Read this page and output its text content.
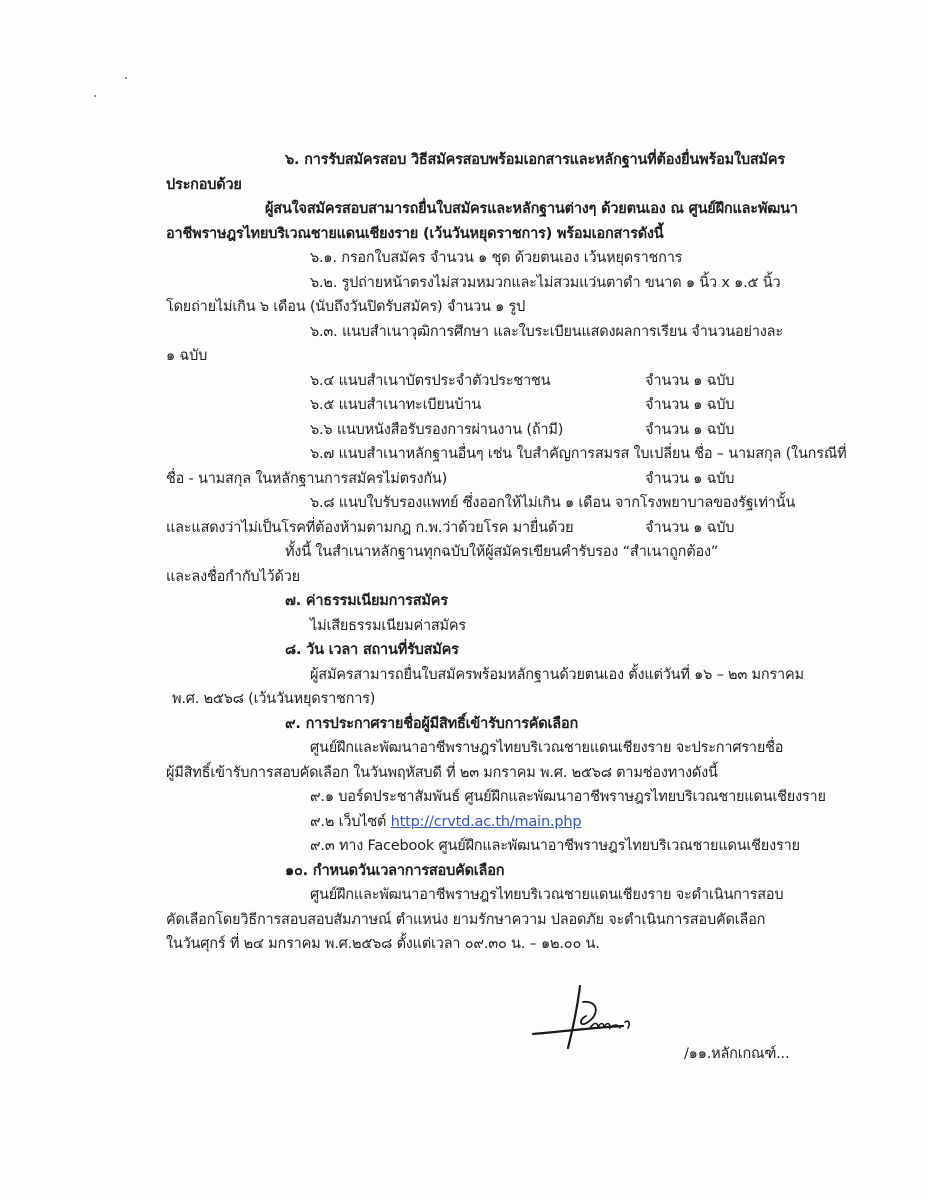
๖. การรับสมัครสอบ วิธีสมัครสอบพร้อมเอกสารและหลักฐานที่ต้องยื่นพร้อมใบสมัคร
ประกอบด้วย
ผู้สนใจสมัครสอบสามารถยื่นใบสมัครและหลักฐานต่างๆ ด้วยตนเอง ณ ศูนย์ฝึกและพัฒนา
อาชีพราษฎรไทยบริเวณชายแดนเชียงราย (เว้นวันหยุดราชการ) พร้อมเอกสารดังนี้
๖.๑. กรอกใบสมัคร จำนวน ๑ ชุด ด้วยตนเอง เว้นหยุดราชการ
๖.๒. รูปถ่ายหน้าตรงไม่สวมหมวกและไม่สวมแว่นตาดำ ขนาด ๑ นิ้ว x ๑.๕ นิ้ว
โดยถ่ายไม่เกิน ๖ เดือน (นับถึงวันปิดรับสมัคร) จำนวน ๑ รูป
๖.๓. แนบสำเนาวุฒิการศึกษา และใบระเบียนแสดงผลการเรียน จำนวนอย่างละ
๑ ฉบับ
๖.๔ แนบสำเนาบัตรประจำตัวประชาชน	จำนวน ๑ ฉบับ
๖.๕ แนบสำเนาทะเบียนบ้าน	จำนวน ๑ ฉบับ
๖.๖ แนบหนังสือรับรองการผ่านงาน (ถ้ามี)	จำนวน ๑ ฉบับ
๖.๗ แนบสำเนาหลักฐานอื่นๆ เช่น ใบสำคัญการสมรส ใบเปลี่ยน ชื่อ – นามสกุล (ในกรณีที่
ชื่อ - นามสกุล ในหลักฐานการสมัครไม่ตรงกัน)	จำนวน ๑ ฉบับ
๖.๘ แนบใบรับรองแพทย์ ซึ่งออกให้ไม่เกิน ๑ เดือน จากโรงพยาบาลของรัฐเท่านั้น
และแสดงว่าไม่เป็นโรคที่ต้องห้ามตามกฎ ก.พ.ว่าด้วยโรค มายื่นด้วย	จำนวน ๑ ฉบับ
ทั้งนี้ ในสำเนาหลักฐานทุกฉบับให้ผู้สมัครเขียนคำรับรอง “สำเนาถูกต้อง”
และลงชื่อกำกับไว้ด้วย
๗. ค่าธรรมเนียมการสมัคร
ไม่เสียธรรมเนียมค่าสมัคร
๘. วัน เวลา สถานที่รับสมัคร
ผู้สมัครสามารถยื่นใบสมัครพร้อมหลักฐานด้วยตนเอง ตั้งแต่วันที่ ๑๖ – ๒๓ มกราคม
พ.ศ. ๒๕๖๘ (เว้นวันหยุดราชการ)
๙. การประกาศรายชื่อผู้มีสิทธิ์เข้ารับการคัดเลือก
ศูนย์ฝึกและพัฒนาอาชีพราษฎรไทยบริเวณชายแดนเชียงราย จะประกาศรายชื่อ
ผู้มีสิทธิ์เข้ารับการสอบคัดเลือก ในวันพฤหัสบดี ที่ ๒๓ มกราคม พ.ศ. ๒๕๖๘ ตามช่องทางดังนี้
๙.๑ บอร์ดประชาสัมพันธ์ ศูนย์ฝึกและพัฒนาอาชีพราษฎรไทยบริเวณชายแดนเชียงราย
๙.๒ เว็บไซต์ http://crvtd.ac.th/main.php
๙.๓ ทาง Facebook ศูนย์ฝึกและพัฒนาอาชีพราษฎรไทยบริเวณชายแดนเชียงราย
๑๐. กำหนดวันเวลาการสอบคัดเลือก
ศูนย์ฝึกและพัฒนาอาชีพราษฎรไทยบริเวณชายแดนเชียงราย จะดำเนินการสอบ
คัดเลือกโดยวิธีการสอบสอบสัมภาษณ์ ตำแหน่ง ยามรักษาความ ปลอดภัย จะดำเนินการสอบคัดเลือก
ในวันศุกร์ ที่ ๒๔ มกราคม พ.ศ.๒๕๖๘ ตั้งแต่เวลา ๐๙.๓๐ น. – ๑๒.๐๐ น.
/๑๑.หลักเกณฑ์...
